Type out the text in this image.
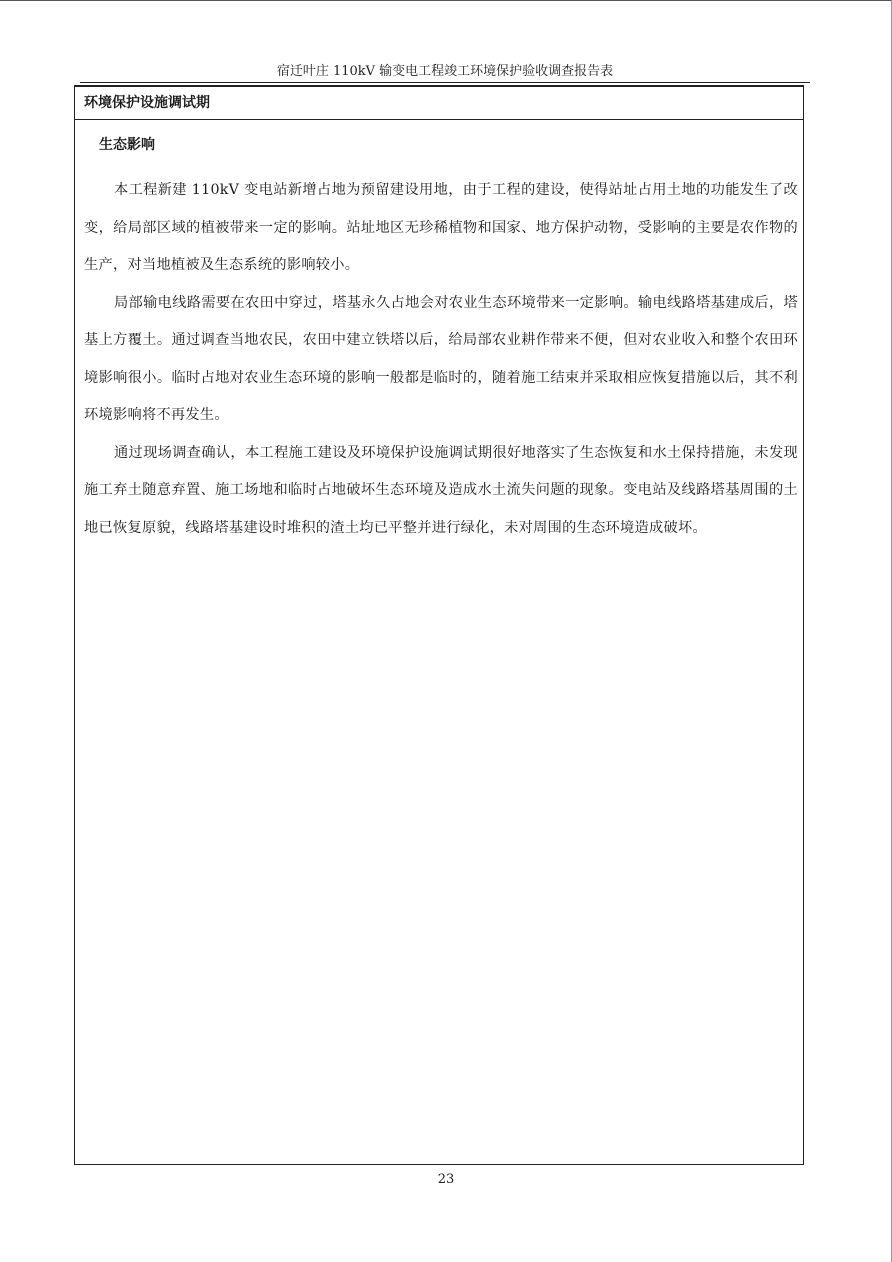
宿迁叶庄 110kV 输变电工程竣工环境保护验收调查报告表
环境保护设施调试期
生态影响

本工程新建 110kV 变电站新增占地为预留建设用地，由于工程的建设，使得站址占用土地的功能发生了改变，给局部区域的植被带来一定的影响。站址地区无珍稀植物和国家、地方保护动物，受影响的主要是农作物的生产，对当地植被及生态系统的影响较小。

局部输电线路需要在农田中穿过，塔基永久占地会对农业生态环境带来一定影响。输电线路塔基建成后，塔基上方覆土。通过调查当地农民，农田中建立铁塔以后，给局部农业耕作带来不便，但对农业收入和整个农田环境影响很小。临时占地对农业生态环境的影响一般都是临时的，随着施工结束并采取相应恢复措施以后，其不利环境影响将不再发生。

通过现场调查确认，本工程施工建设及环境保护设施调试期很好地落实了生态恢复和水土保持措施，未发现施工弃土随意弃置、施工场地和临时占地破坏生态环境及造成水土流失问题的现象。变电站及线路塔基周围的土地已恢复原貌，线路塔基建设时堆积的渣土均已平整并进行绿化，未对周围的生态环境造成破坏。

23
